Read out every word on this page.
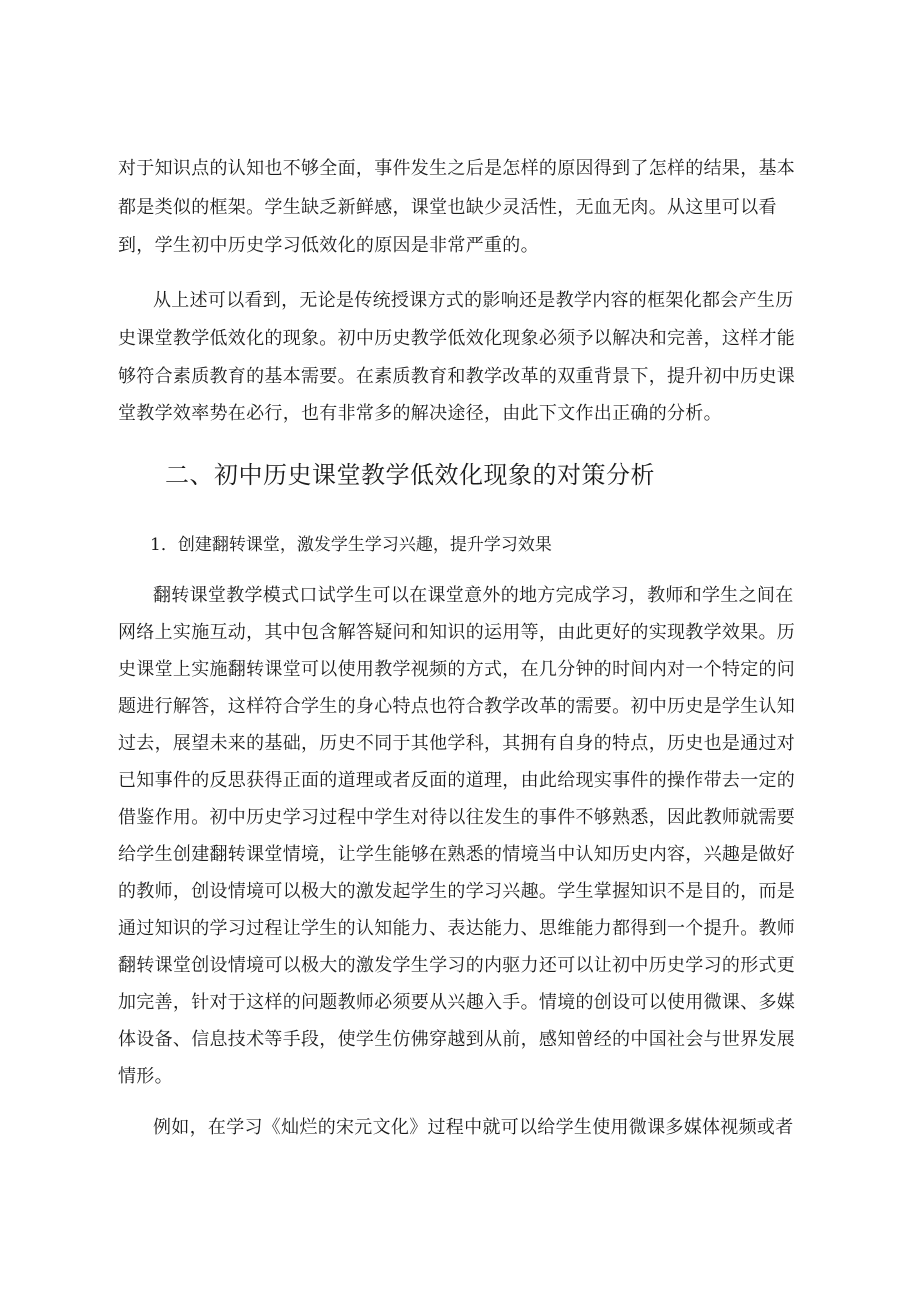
对于知识点的认知也不够全面，事件发生之后是怎样的原因得到了怎样的结果，基本
都是类似的框架。学生缺乏新鲜感，课堂也缺少灵活性，无血无肉。从这里可以看
到，学生初中历史学习低效化的原因是非常严重的。
从上述可以看到，无论是传统授课方式的影响还是教学内容的框架化都会产生历
史课堂教学低效化的现象。初中历史教学低效化现象必须予以解决和完善，这样才能
够符合素质教育的基本需要。在素质教育和教学改革的双重背景下，提升初中历史课
堂教学效率势在必行，也有非常多的解决途径，由此下文作出正确的分析。
二、初中历史课堂教学低效化现象的对策分析
1．创建翻转课堂，激发学生学习兴趣，提升学习效果
翻转课堂教学模式口试学生可以在课堂意外的地方完成学习，教师和学生之间在
网络上实施互动，其中包含解答疑问和知识的运用等，由此更好的实现教学效果。历
史课堂上实施翻转课堂可以使用教学视频的方式，在几分钟的时间内对一个特定的问
题进行解答，这样符合学生的身心特点也符合教学改革的需要。初中历史是学生认知
过去，展望未来的基础，历史不同于其他学科，其拥有自身的特点，历史也是通过对
已知事件的反思获得正面的道理或者反面的道理，由此给现实事件的操作带去一定的
借鉴作用。初中历史学习过程中学生对待以往发生的事件不够熟悉，因此教师就需要
给学生创建翻转课堂情境，让学生能够在熟悉的情境当中认知历史内容，兴趣是做好
的教师，创设情境可以极大的激发起学生的学习兴趣。学生掌握知识不是目的，而是
通过知识的学习过程让学生的认知能力、表达能力、思维能力都得到一个提升。教师
翻转课堂创设情境可以极大的激发学生学习的内驱力还可以让初中历史学习的形式更
加完善，针对于这样的问题教师必须要从兴趣入手。情境的创设可以使用微课、多媒
体设备、信息技术等手段，使学生仿佛穿越到从前，感知曾经的中国社会与世界发展
情形。
例如，在学习《灿烂的宋元文化》过程中就可以给学生使用微课多媒体视频或者
